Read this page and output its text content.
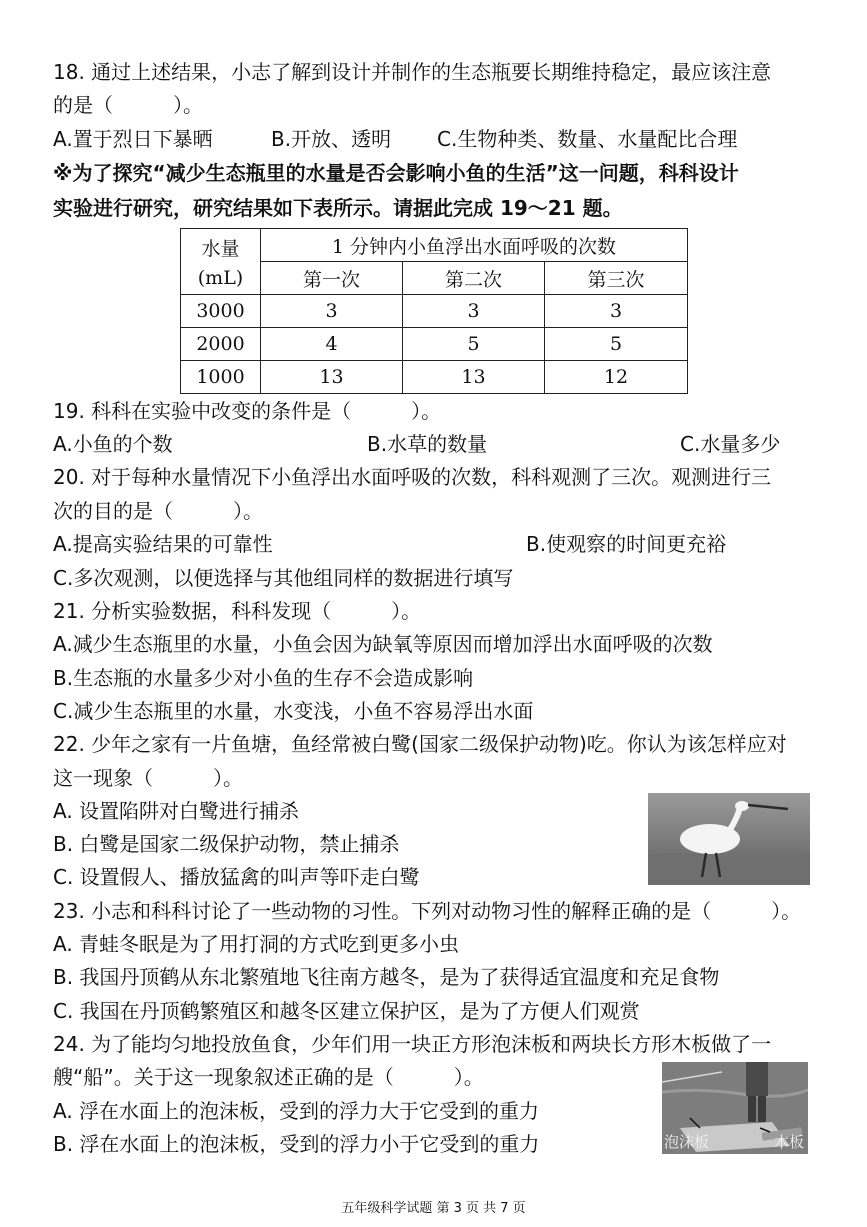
18. 通过上述结果，小志了解到设计并制作的生态瓶要长期维持稳定，最应该注意
的是（　　　）。
A.置于烈日下暴晒	B.开放、透明 C.生物种类、数量、水量配比合理
※为了探究“减少生态瓶里的水量是否会影响小鱼的生活”这一问题，科科设计
实验进行研究，研究结果如下表所示。请据此完成 19～21 题。
水量
(mL)	1 分钟内小鱼浮出水面呼吸的次数		
	第一次	第二次	第三次
3000	3	3	3
2000	4	5	5
1000	13	13	12
19. 科科在实验中改变的条件是（　　　）。
A.小鱼的个数	B.水草的数量	C.水量多少
20. 对于每种水量情况下小鱼浮出水面呼吸的次数，科科观测了三次。观测进行三
次的目的是（　　　）。
A.提高实验结果的可靠性	B.使观察的时间更充裕
C.多次观测，以便选择与其他组同样的数据进行填写
21. 分析实验数据，科科发现（　　　）。
A.减少生态瓶里的水量，小鱼会因为缺氧等原因而增加浮出水面呼吸的次数
B.生态瓶的水量多少对小鱼的生存不会造成影响
C.减少生态瓶里的水量，水变浅，小鱼不容易浮出水面
22. 少年之家有一片鱼塘，鱼经常被白鹭(国家二级保护动物)吃。你认为该怎样应对
这一现象（　　　）。
A. 设置陷阱对白鹭进行捕杀
B. 白鹭是国家二级保护动物，禁止捕杀
C. 设置假人、播放猛禽的叫声等吓走白鹭
23. 小志和科科讨论了一些动物的习性。下列对动物习性的解释正确的是（　　　）。
A. 青蛙冬眠是为了用打洞的方式吃到更多小虫
B. 我国丹顶鹤从东北繁殖地飞往南方越冬，是为了获得适宜温度和充足食物
C. 我国在丹顶鹤繁殖区和越冬区建立保护区，是为了方便人们观赏
24. 为了能均匀地投放鱼食，少年们用一块正方形泡沫板和两块长方形木板做了一
艘“船”。关于这一现象叙述正确的是（　　　）。
A. 浮在水面上的泡沫板，受到的浮力大于它受到的重力
B. 浮在水面上的泡沫板，受到的浮力小于它受到的重力	泡沫板	木板
五年级科学试题 第 3 页 共 7 页
